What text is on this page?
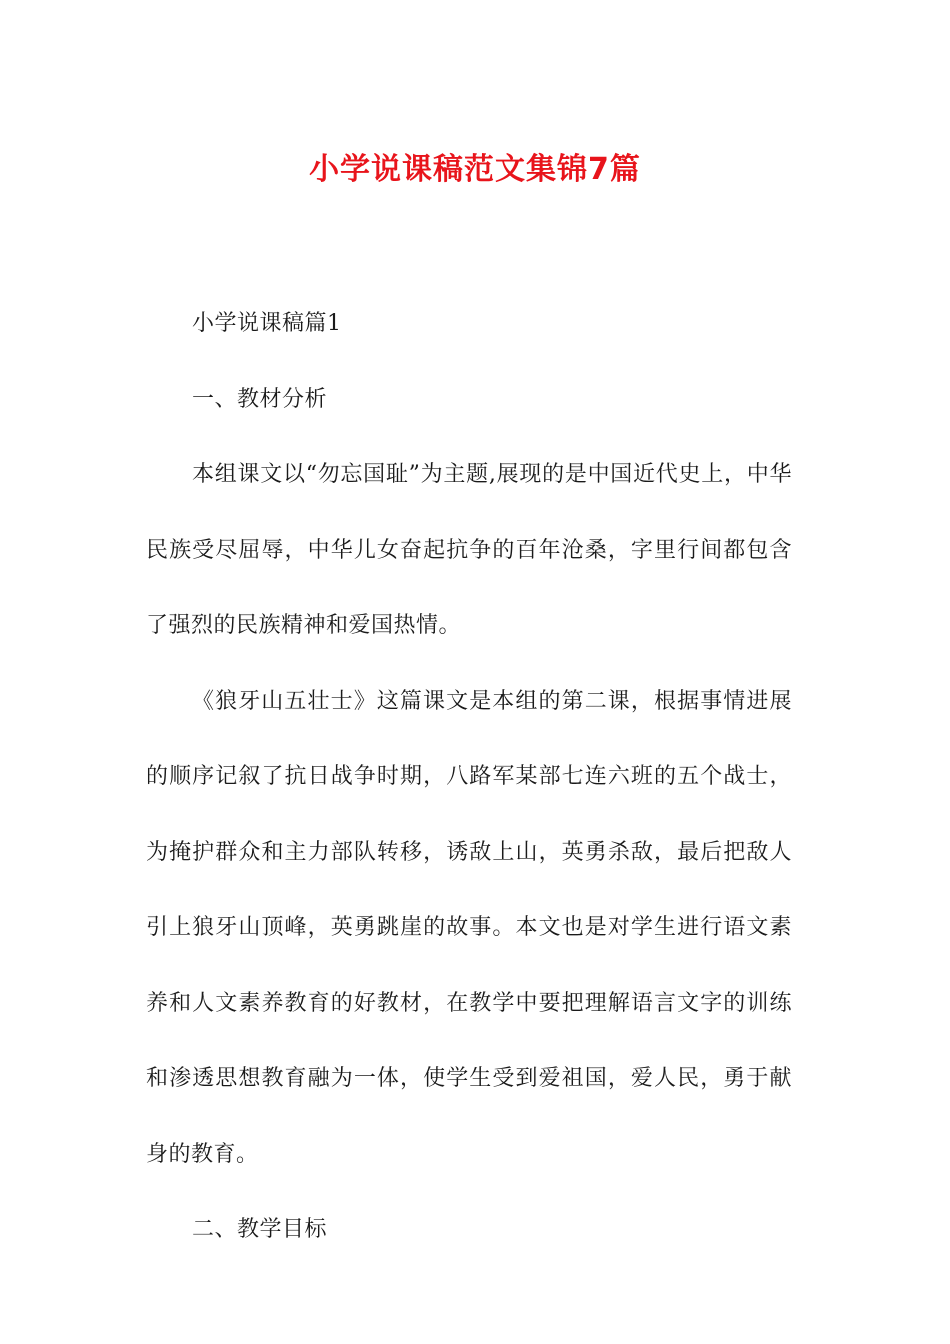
小学说课稿范文集锦7篇

小学说课稿篇1

一、教材分析

本组课文以“勿忘国耻”为主题,展现的是中国近代史上，中华民族受尽屈辱，中华儿女奋起抗争的百年沧桑，字里行间都包含了强烈的民族精神和爱国热情。

《狼牙山五壮士》这篇课文是本组的第二课，根据事情进展的顺序记叙了抗日战争时期，八路军某部七连六班的五个战士，为掩护群众和主力部队转移，诱敌上山，英勇杀敌，最后把敌人引上狼牙山顶峰，英勇跳崖的故事。本文也是对学生进行语文素养和人文素养教育的好教材，在教学中要把理解语言文字的训练和渗透思想教育融为一体，使学生受到爱祖国，爱人民，勇于献身的教育。

二、教学目标
